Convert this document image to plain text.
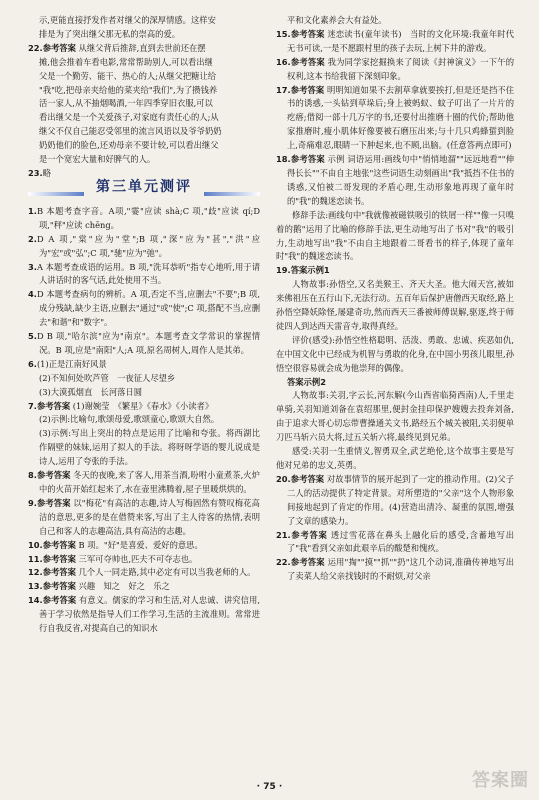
示,更能直接抒发作者对继父的深厚情感。这样安

排是为了突出继父那无私的崇高的爱。

22.参考答案 从继父背后推辞,直到去世前还在摆

摊,他会推着车看电影,常常帮助别人,可以看出继

父是一个勤劳、能干、热心的人;从继父把糖让给

"我"吃,把母亲夹给他的菜夹给"我们",为了攒钱养

活一家人,从不抽烟喝酒,一年四季穿旧衣服,可以

看出继父是一个关爱孩子,对家庭有责任心的人;从

继父不仅自己能忍受邻里的流言风语以及爷爷奶奶

奶奶他们的脸色,还劝母亲不要计较,可以看出继父

是一个宽宏大量和好脾气的人。

23.略

第三单元测评

1.B 本题考查字音。A项,"霎"应读 shà;C 项,"歧"应读 qí;D 项,"秤"应读 chēng。

2.D A 项,"棠"应为"堂";B 项,"深"应为"甚","洪"应为"宏"或"弘";C 项,"驰"应为"弛"。

3.A 本题考查成语的运用。B 项,"洗耳恭听"指专心地听,用于请人讲话时的客气话,此处使用不当。

4.D 本题考查病句的辨析。A 项,否定不当,应删去"不要";B 项,成分残缺,缺少主语,应删去"通过"或"使";C 项,搭配不当,应删去"和谐"和"数字"。

5.D B 项,"哈尔滨"应为"南京"。本题考查文学常识的掌握情况。B 项,应是"南阳"人;A 项,原名周树人,周作人是其弟。

6.(1)正是江南好风景

(2)不知何处吹芦管　一夜征人尽望乡

(3)大漠孤烟直　长河落日圆

7.参考答案 (1)谢婉莹　《繁星》《春水》《小读者》

(2)示例:比喻句,歌颂母爱,歌颂童心,歌颂大自然。

(3)示例:写出上突出的特点是运用了比喻和夸张。将西湖比作隔壁的妹妹,运用了拟人的手法。将呀呀学语的婴儿说成是诗人,运用了夸张的手法。

8.参考答案 冬天的夜晚,来了客人,用茶当酒,吩咐小童煮茶,火炉中的火苗开始红起来了,水在壶里沸腾着,屋子里暖烘烘的。

9.参考答案 以"梅花"有高洁的志趣,诗人写梅固然有赞叹梅花高洁的意思,更多的是在借赞来客,写出了主人待客的热情,表明自己和客人的志趣高洁,具有高洁的志趣。

10.参考答案 B 项。"好"是喜爱、爱好的意思。

11.参考答案 三军可夺帅也,匹夫不可夺志也。

12.参考答案 几个人一同走路,其中必定有可以当我老师的人。

13.参考答案 兴趣　知之　好之　乐之

14.参考答案 有意义。儒家的学习和生活,对人忠诚、讲究信用,善于学习依然是指导人们工作学习,生活的主流准则。常常进行自我反省,对提高自己的知识水

平和文化素养会大有益处。

15.参考答案 迷恋读书(童年读书)　当时的文化环境:我童年时代无书可读,一是不愿跟村里的孩子去玩,上树下井的游戏。

16.参考答案 我为同学家挖掘换来了阅读《封神演义》一下午的权利,这本书给我留下深刻印象。

17.参考答案 明明知道如果不去割草拿就要挨打,但是还是挡不住书的诱惑,一头钻到草垛后;身上被蚂蚁、蚊子叮出了一片片的疙瘩;借阅一部十几万字的书,还要付出推磨十圈的代价;帮助他家推磨时,瘦小肌体好像要被石磨压出来;与十几只鸡蜂蜇到脸上,奇痛难忍,眼睛一下肿起来,也不顾,出脑。(任意答两点即可)

18.参考答案 示例 词语运用:画线句中"悄悄地溜""远远地看""伸得长长""不由自主地张"这些词语生动刻画出"我"抵挡不住书的诱惑,又怕被二哥发现的矛盾心理,生动形象地再现了童年时的"我"的魏迷恋读书。

修辞手法:画线句中"我就像被磁铁吸引的铁屑一样""像一只嗅着的鹅"运用了比喻的修辞手法,更生动地写出了书对"我"的吸引力,生动地写出"我"不由自主地跟着二哥看书的样子,体现了童年时"我"的魏迷恋读书。

19.答案示例1

人物故事:孙悟空,又名美猴王、齐天大圣。他大闹天宫,被如来佛祖压在五行山下,无法行动。五百年后保护唐僧西天取经,路上孙悟空降妖除怪,屡建奇功,然而西天三番被师傅误解,驱逐,终于师徒四人到达西天雷音寺,取得真经。

评价(感受):孙悟空性格聪明、活泼、勇敢、忠诚、疾恶如仇,在中国文化中已经成为机智与勇敢的化身,在中国小男孩儿眼里,孙悟空很容易就会成为他崇拜的偶像。

答案示例2

人物故事:关羽,字云长,河东解(今山西省临猗西南)人,千里走单骑,关羽知道刘备在袁绍那里,便封金挂印保护嫂嫂去投奔刘备,由于追求大哥心切忘带曹操通关文书,路经五个城关被阻,关羽便单刀匹马斩六员大将,过五关斩六将,最终见到兄弟。

感受:关羽一生重情义,智勇双全,武艺绝伦,这个故事主要是写他对兄弟的忠义,英勇。

20.参考答案 对故事情节的展开起到了一定的推动作用。(2)父子二人的活动提供了特定背景。对所塑造的"父亲"这个人物形象间接地起到了肯定的作用。(4)营造出清冷、凝重的氛围,增强了文章的感染力。

21.参考答案 透过雪花落在鼻头上融化后的感受,含蓄地写出了"我"看到父亲如此艰辛后的酸楚和愧疚。

22.参考答案 运用"掏""摸""抓""扔"这几个动词,准确传神地写出了卖菜人给父亲找钱时的不耐烦,对父亲

· 75 ·	答案圈
